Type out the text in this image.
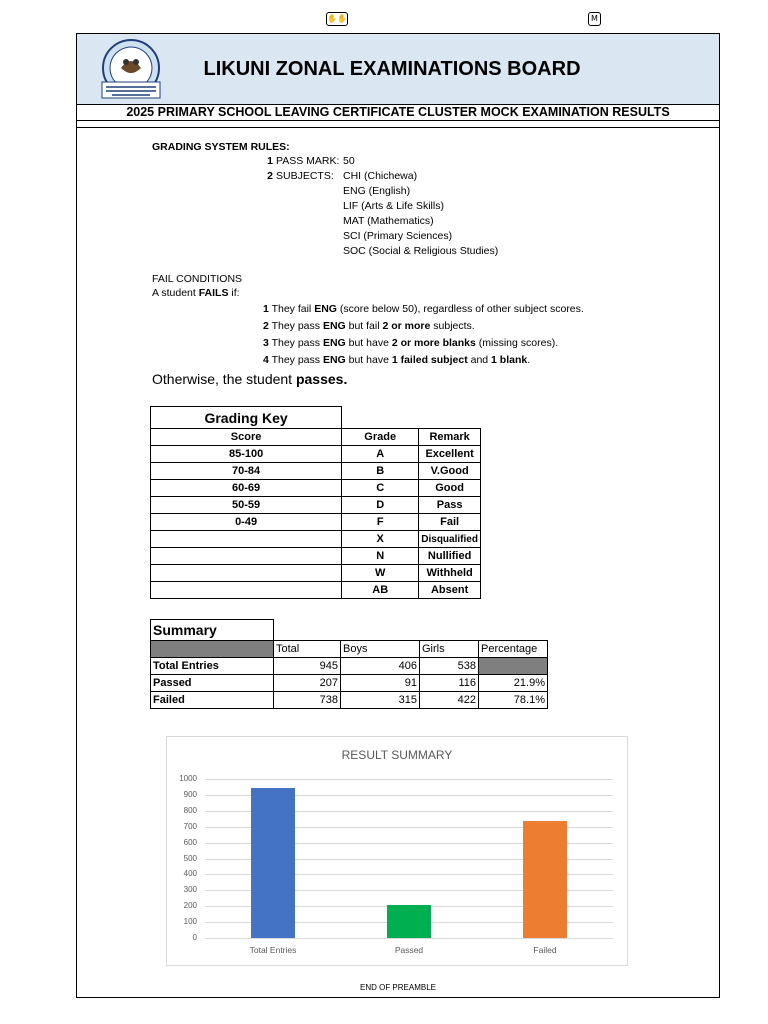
✋✋	M
LIKUNI ZONAL EXAMINATIONS BOARD
2025 PRIMARY SCHOOL LEAVING CERTIFICATE CLUSTER MOCK EXAMINATION RESULTS
GRADING SYSTEM RULES:
1 PASS MARK: 50
2 SUBJECTS: CHI (Chichewa)
ENG (English)
LIF (Arts & Life Skills)
MAT (Mathematics)
SCI (Primary Sciences)
SOC (Social & Religious Studies)
FAIL CONDITIONS
A student FAILS if:
1 They fail ENG (score below 50), regardless of other subject scores.
2 They pass ENG but fail 2 or more subjects.
3 They pass ENG but have 2 or more blanks (missing scores).
4 They pass ENG but have 1 failed subject and 1 blank.
Otherwise, the student passes.
Grading Key		
Score	Grade	Remark
85-100	A	Excellent
70-84	B	V.Good
60-69	C	Good
50-59	D	Pass
0-49	F	Fail
	X	Disqualified
	N	Nullified
	W	Withheld
	AB	Absent
Summary				
	Total	Boys	Girls	Percentage
Total Entries	945	406	538	
Passed	207	91	116	21.9%
Failed	738	315	422	78.1%
RESULT SUMMARY
1000
900
800
700
600
500
400
300
200
100
0
Total Entries	Passed	Failed
END OF PREAMBLE
